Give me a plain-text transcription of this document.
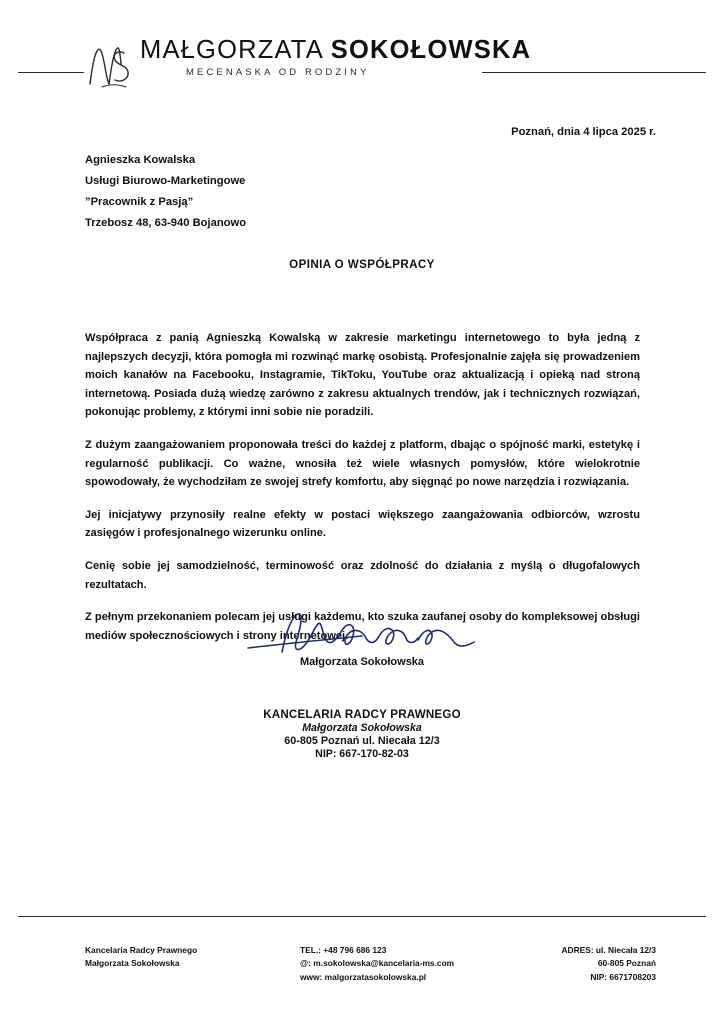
MAŁGORZATA SOKOŁOWSKA
MECENASKA OD RODZINY
Poznań, dnia 4 lipca 2025 r.
Agnieszka Kowalska
Usługi Biurowo-Marketingowe
”Pracownik z Pasją”
Trzebosz 48, 63-940 Bojanowo
OPINIA O WSPÓŁPRACY

Współpraca z panią Agnieszką Kowalską w zakresie marketingu internetowego to była jedną z najlepszych decyzji, która pomogła mi rozwinąć markę osobistą. Profesjonalnie zajęła się prowadzeniem moich kanałów na Facebooku, Instagramie, TikToku, YouTube oraz aktualizacją i opieką nad stroną internetową. Posiada dużą wiedzę zarówno z zakresu aktualnych trendów, jak i technicznych rozwiązań, pokonując problemy, z którymi inni sobie nie poradzili.

Z dużym zaangażowaniem proponowała treści do każdej z platform, dbając o spójność marki, estetykę i regularność publikacji. Co ważne, wnosiła też wiele własnych pomysłów, które wielokrotnie spowodowały, że wychodziłam ze swojej strefy komfortu, aby sięgnąć po nowe narzędzia i rozwiązania.

Jej inicjatywy przynosiły realne efekty w postaci większego zaangażowania odbiorców, wzrostu zasięgów i profesjonalnego wizerunku online.

Cenię sobie jej samodzielność, terminowość oraz zdolność do działania z myślą o długofalowych rezultatach.

Z pełnym przekonaniem polecam jej usługi każdemu, kto szuka zaufanej osoby do kompleksowej obsługi mediów społecznościowych i strony internetowej.

Małgorzata Sokołowska
KANCELARIA RADCY PRAWNEGO
Małgorzata Sokołowska
60-805 Poznań ul. Niecała 12/3
NIP: 667-170-82-03
Kancelaria Radcy Prawnego
Małgorzata Sokołowska
TEL.: +48 796 686 123
@: m.sokolowska@kancelaria-ms.com
www: malgorzatasokolowska.pl
ADRES: ul. Niecała 12/3
60-805 Poznań
NIP: 6671708203
